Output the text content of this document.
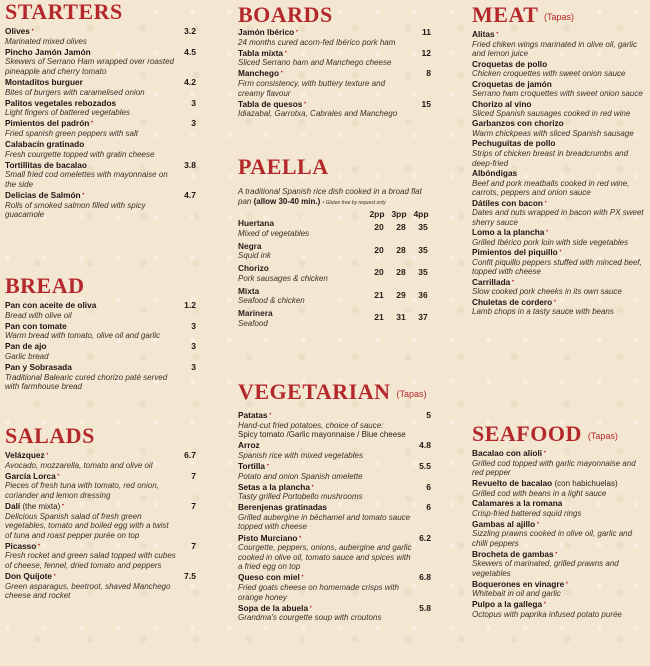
STARTERS
Olives •
Marinated mixed olives
3.2
Pincho Jamón Jamón
Skewers of Serrano Ham wrapped over roasted pineapple and cherry tomato
4.5
Montaditos burguer
Bites of burgers with caramelised onion
4.2
Palitos vegetales rebozados
Light fingers of battered vegetables
3
Pimientos del padrón •
Fried spanish green peppers with salt
3
Calabacín gratinado
Fresh courgette topped with gratin cheese
Tortillitas de bacalao
Small fried cod omelettes with mayonnaise on the side
3.8
Delicias de Salmón •
Rolls of smoked salmon filled with spicy guacamole
4.7
BREAD
Pan con aceite de oliva
Bread with olive oil
1.2
Pan con tomate
Warm bread with tomato, olive oil and garlic
3
Pan de ajo
Garlic bread
3
Pan y Sobrasada
Traditional Balearic cured chorizo paté served with farmhouse bread
3
SALADS
Velázquez •
Avocado, mozzarella, tomato and olive oil
6.7
García Lorca •
Pieces of fresh tuna with tomato, red onion, coriander and lemon dressing
7
Dalí (the mixta) •
Delicious Spanish salad of fresh green vegetables, tomato and boiled egg with a twist of tuna and roast pepper purée on top
7
Picasso •
Fresh rocket and green salad topped with cubes of cheese, fennel, dried tomato and peppers
7
Don Quijote •
Green asparagus, beetroot, shaved Manchego cheese and rocket
7.5
BOARDS
Jamón Ibérico •
24 months cured acorn-fed Ibérico pork ham
11
Tabla mixta •
Sliced Serrano ham and Manchego cheese
12
Manchego •
Firm consistency, with buttery texture and creamy flavour
8
Tabla de quesos •
Idiazabal, Garrotxa, Cabrales and Manchego
15
PAELLA
A traditional Spanish rice dish cooked in a broad flat pan (allow 30-40 min.) • Gluten free by request only
2pp 3pp 4pp
Huertana
Mixed of vegetables
20	28	35
Negra
Squid ink
20	28	35
Chorizo
Pork sausages & chicken
20	28	35
Mixta
Seafood & chicken
21	29	36
Marinera
Seafood
21	31	37
VEGETARIAN (Tapas)
Patatas •
Hand-cut fried potatoes, choice of sauce:
Spicy tomato /Garlic mayonnaise / Blue cheese
5
Arroz
Spanish rice with mixed vegetables
4.8
Tortilla •
Potato and onion Spanish omelette
5.5
Setas a la plancha •
Tasty grilled Portobello mushrooms
6
Berenjenas gratinadas
Grilled aubergine in béchamel and tomato sauce topped with cheese
6
Pisto Murciano •
Courgette, peppers, onions, aubergine and garlic cooked in olive oil, tomato sauce and spices with a fried egg on top
6.2
Queso con miel •
Fried goats cheese on homemade crisps with orange honey
6.8
Sopa de la abuela •
Grandma's courgette soup with croutons
5.8
MEAT (Tapas)
Alitas •
Fried chiken wings marinated in olive oil, garlic and lemon juice
Croquetas de pollo
Chicken croquettes with sweet onion sauce
Croquetas de jamón
Serrano ham croquettes with sweet onion sauce
Chorizo al vino
Sliced Spanish sausages cooked in red wine
Garbanzos con chorizo
Warm chickpeas with sliced Spanish sausage
Pechuguitas de pollo
Strips of chicken breast in breadcrumbs and deep-fried
Albóndigas
Beef and pork meatballs cooked in red wine, carrots, peppers and onion sauce
Dátiles con bacon •
Dates and nuts wrapped in bacon with PX sweet sherry sauce
Lomo a la plancha •
Grilled Ibérico pork loin with side vegetables
Pimientos del piquillo •
Confit piquillo peppers stuffed with minced beef, topped with cheese
Carrillada •
Slow cooked pork cheeks in its own sauce
Chuletas de cordero •
Lamb chops in a tasty sauce with beans
SEAFOOD (Tapas)
Bacalao con alioli •
Grilled cod topped with garlic mayonnaise and red pepper
Revuelto de bacalao (con habichuelas)
Grilled cod with beans in a light sauce
Calamares a la romana
Crisp-fried battered squid rings
Gambas al ajillo •
Sizzling prawns cooked in olive oil, garlic and chilli peppers
Brocheta de gambas •
Skewers of marinated, grilled prawns and vegetables
Boquerones en vinagre •
Whitebait in oil and garlic
Pulpo a la gallega •
Octopus with paprika infused potato purée
